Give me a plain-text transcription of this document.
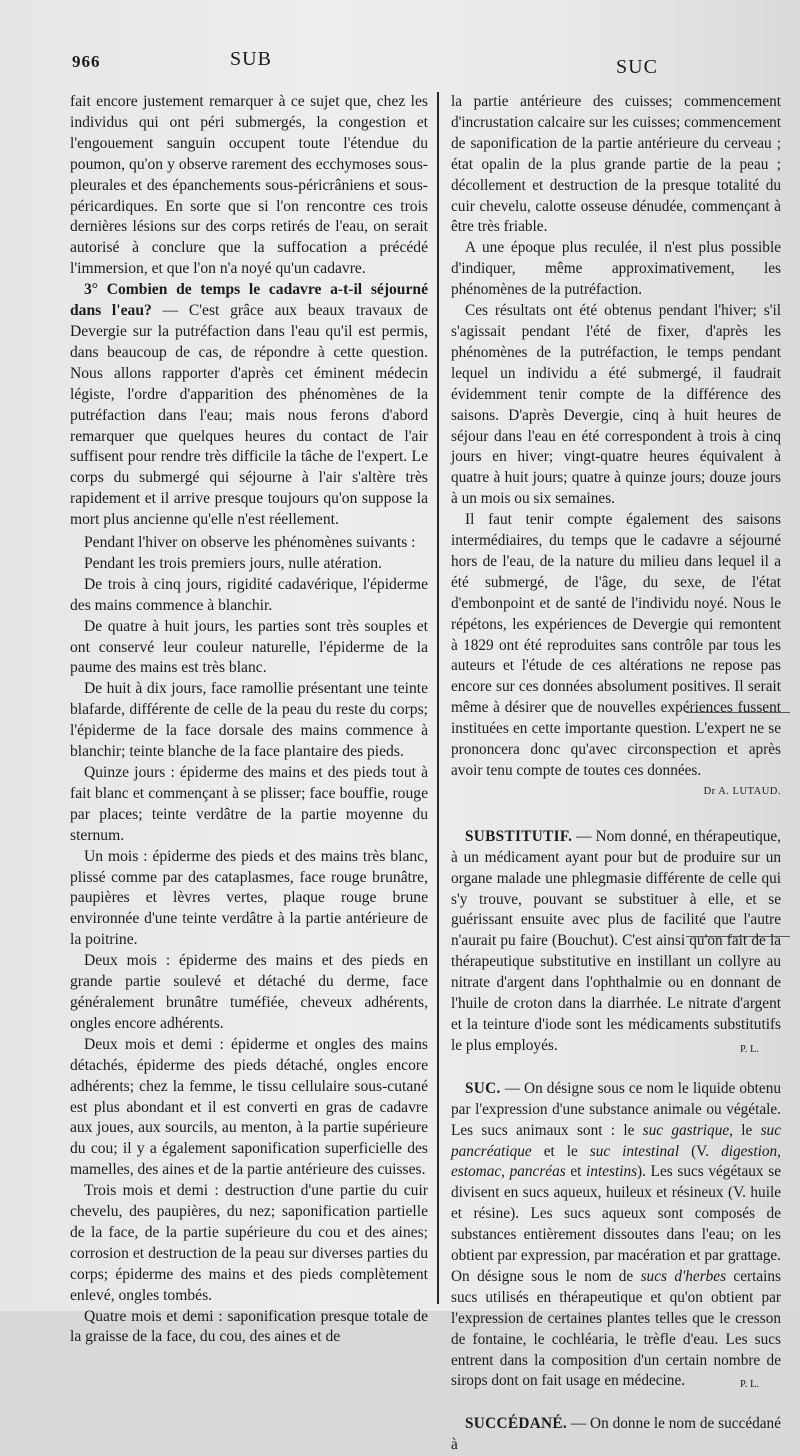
966	SUB	SUC

fait encore justement remarquer à ce sujet que, chez les individus qui ont péri submergés, la congestion et l'engouement sanguin occupent toute l'étendue du poumon, qu'on y observe rarement des ecchymoses sous-pleurales et des épanchements sous-péricrâniens et sous-péricardiques. En sorte que si l'on rencontre ces trois dernières lésions sur des corps retirés de l'eau, on serait autorisé à conclure que la suffocation a précédé l'immersion, et que l'on n'a noyé qu'un cadavre.

3° Combien de temps le cadavre a-t-il séjourné dans l'eau? — C'est grâce aux beaux travaux de Devergie sur la putréfaction dans l'eau qu'il est permis, dans beaucoup de cas, de répondre à cette question. Nous allons rapporter d'après cet éminent médecin légiste, l'ordre d'apparition des phénomènes de la putréfaction dans l'eau; mais nous ferons d'abord remarquer que quelques heures du contact de l'air suffisent pour rendre très difficile la tâche de l'expert. Le corps du submergé qui séjourne à l'air s'altère très rapidement et il arrive presque toujours qu'on suppose la mort plus ancienne qu'elle n'est réellement.

Pendant l'hiver on observe les phénomènes suivants :

Pendant les trois premiers jours, nulle atération.

De trois à cinq jours, rigidité cadavérique, l'épiderme des mains commence à blanchir.

De quatre à huit jours, les parties sont très souples et ont conservé leur couleur naturelle, l'épiderme de la paume des mains est très blanc.

De huit à dix jours, face ramollie présentant une teinte blafarde, différente de celle de la peau du reste du corps; l'épiderme de la face dorsale des mains commence à blanchir; teinte blanche de la face plantaire des pieds.

Quinze jours : épiderme des mains et des pieds tout à fait blanc et commençant à se plisser; face bouffie, rouge par places; teinte verdâtre de la partie moyenne du sternum.

Un mois : épiderme des pieds et des mains très blanc, plissé comme par des cataplasmes, face rouge brunâtre, paupières et lèvres vertes, plaque rouge brune environnée d'une teinte verdâtre à la partie antérieure de la poitrine.

Deux mois : épiderme des mains et des pieds en grande partie soulevé et détaché du derme, face généralement brunâtre tuméfiée, cheveux adhérents, ongles encore adhérents.

Deux mois et demi : épiderme et ongles des mains détachés, épiderme des pieds détaché, ongles encore adhérents; chez la femme, le tissu cellulaire sous-cutané est plus abondant et il est converti en gras de cadavre aux joues, aux sourcils, au menton, à la partie supérieure du cou; il y a également saponification superficielle des mamelles, des aines et de la partie antérieure des cuisses.

Trois mois et demi : destruction d'une partie du cuir chevelu, des paupières, du nez; saponification partielle de la face, de la partie supérieure du cou et des aines; corrosion et destruction de la peau sur diverses parties du corps; épiderme des mains et des pieds complètement enlevé, ongles tombés.

Quatre mois et demi : saponification presque totale de la graisse de la face, du cou, des aines et de

la partie antérieure des cuisses; commencement d'incrustation calcaire sur les cuisses; commencement de saponification de la partie antérieure du cerveau ; état opalin de la plus grande partie de la peau ; décollement et destruction de la presque totalité du cuir chevelu, calotte osseuse dénudée, commençant à être très friable.

A une époque plus reculée, il n'est plus possible d'indiquer, même approximativement, les phénomènes de la putréfaction.

Ces résultats ont été obtenus pendant l'hiver; s'il s'agissait pendant l'été de fixer, d'après les phénomènes de la putréfaction, le temps pendant lequel un individu a été submergé, il faudrait évidemment tenir compte de la différence des saisons. D'après Devergie, cinq à huit heures de séjour dans l'eau en été correspondent à trois à cinq jours en hiver; vingt-quatre heures équivalent à quatre à huit jours; quatre à quinze jours; douze jours à un mois ou six semaines.

Il faut tenir compte également des saisons intermédiaires, du temps que le cadavre a séjourné hors de l'eau, de la nature du milieu dans lequel il a été submergé, de l'âge, du sexe, de l'état d'embonpoint et de santé de l'individu noyé. Nous le répétons, les expériences de Devergie qui remontent à 1829 ont été reproduites sans contrôle par tous les auteurs et l'étude de ces altérations ne repose pas encore sur ces données absolument positives. Il serait même à désirer que de nouvelles expériences fussent instituées en cette importante question. L'expert ne se prononcera donc qu'avec circonspection et après avoir tenu compte de toutes ces données.

Dr A. LUTAUD.

SUBSTITUTIF. — Nom donné, en thérapeutique, à un médicament ayant pour but de produire sur un organe malade une phlegmasie différente de celle qui s'y trouve, pouvant se substituer à elle, et se guérissant ensuite avec plus de facilité que l'autre n'aurait pu faire (Bouchut). C'est ainsi qu'on fait de la thérapeutique substitutive en instillant un collyre au nitrate d'argent dans l'ophthalmie ou en donnant de l'huile de croton dans la diarrhée. Le nitrate d'argent et la teinture d'iode sont les médicaments substitutifs le plus employés.	P. L.

SUC. — On désigne sous ce nom le liquide obtenu par l'expression d'une substance animale ou végétale. Les sucs animaux sont : le suc gastrique, le suc pancréatique et le suc intestinal (V. digestion, estomac, pancréas et intestins). Les sucs végétaux se divisent en sucs aqueux, huileux et résineux (V. huile et résine). Les sucs aqueux sont composés de substances entièrement dissoutes dans l'eau; on les obtient par expression, par macération et par grattage. On désigne sous le nom de sucs d'herbes certains sucs utilisés en thérapeutique et qu'on obtient par l'expression de certaines plantes telles que le cresson de fontaine, le cochléaria, le trèfle d'eau. Les sucs entrent dans la composition d'un certain nombre de sirops dont on fait usage en médecine.	P. L.

SUCCÉDANÉ. — On donne le nom de succédané à
